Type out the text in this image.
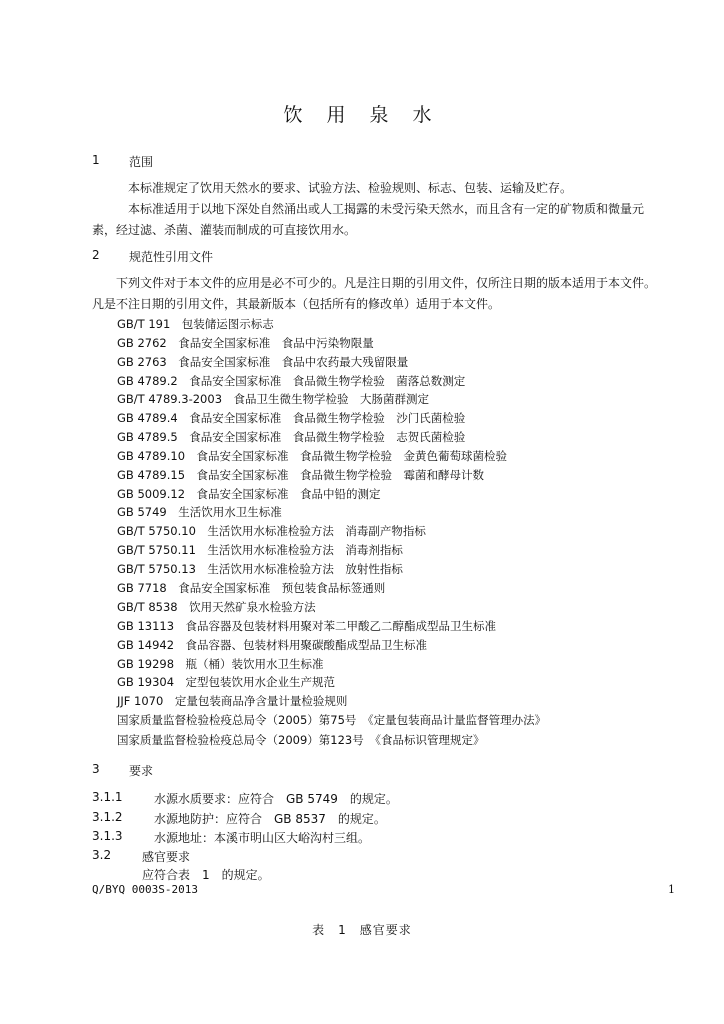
饮 用 泉 水
1 范围
本标准规定了饮用天然水的要求、试验方法、检验规则、标志、包装、运输及贮存。
本标准适用于以地下深处自然涌出或人工揭露的未受污染天然水，而且含有一定的矿物质和微量元素，经过滤、杀菌、灌装而制成的可直接饮用水。
2 规范性引用文件
下列文件对于本文件的应用是必不可少的。凡是注日期的引用文件，仅所注日期的版本适用于本文件。凡是不注日期的引用文件，其最新版本（包括所有的修改单）适用于本文件。
GB/T 191　包装储运图示标志
GB 2762　食品安全国家标准　食品中污染物限量
GB 2763　食品安全国家标准　食品中农药最大残留限量
GB 4789.2　食品安全国家标准　食品微生物学检验　菌落总数测定
GB/T 4789.3-2003　食品卫生微生物学检验　大肠菌群测定
GB 4789.4　食品安全国家标准　食品微生物学检验　沙门氏菌检验
GB 4789.5　食品安全国家标准　食品微生物学检验　志贺氏菌检验
GB 4789.10　食品安全国家标准　食品微生物学检验　金黄色葡萄球菌检验
GB 4789.15　食品安全国家标准　食品微生物学检验　霉菌和酵母计数
GB 5009.12　食品安全国家标准　食品中铅的测定
GB 5749　生活饮用水卫生标准
GB/T 5750.10　生活饮用水标准检验方法　消毒副产物指标
GB/T 5750.11　生活饮用水标准检验方法　消毒剂指标
GB/T 5750.13　生活饮用水标准检验方法　放射性指标
GB 7718　食品安全国家标准　预包装食品标签通则
GB/T 8538　饮用天然矿泉水检验方法
GB 13113　食品容器及包装材料用聚对苯二甲酸乙二醇酯成型品卫生标准
GB 14942　食品容器、包装材料用聚碳酸酯成型品卫生标准
GB 19298　瓶（桶）装饮用水卫生标准
GB 19304　定型包装饮用水企业生产规范
JJF 1070　定量包装商品净含量计量检验规则
国家质量监督检验检疫总局令（2005）第75号　《定量包装商品计量监督管理办法》
国家质量监督检验检疫总局令（2009）第123号　《食品标识管理规定》
3 要求
3.1.1	水源水质要求：应符合　GB 5749　的规定。
3.1.2	水源地防护：应符合　GB 8537　的规定。
3.1.3	水源地址：本溪市明山区大峪沟村三组。
3.2	感官要求
应符合表　1　的规定。
Q/BYQ 0003S-2013	1
表　1　感官要求
